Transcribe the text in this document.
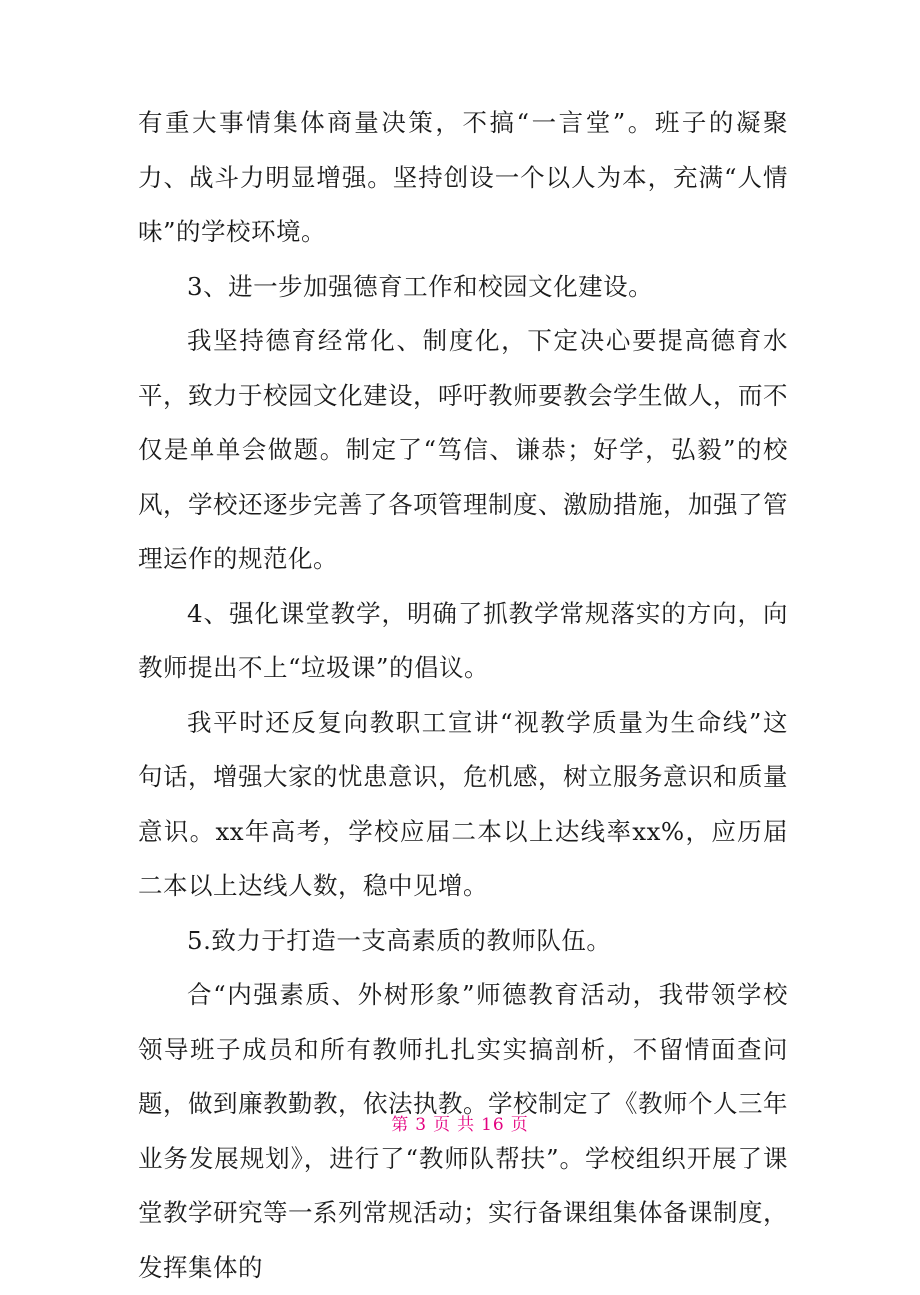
有重大事情集体商量决策，不搞“一言堂”。班子的凝聚力、战斗力明显增强。坚持创设一个以人为本，充满“人情味”的学校环境。

3、进一步加强德育工作和校园文化建设。

我坚持德育经常化、制度化，下定决心要提高德育水平，致力于校园文化建设，呼吁教师要教会学生做人，而不仅是单单会做题。制定了“笃信、谦恭；好学，弘毅”的校风，学校还逐步完善了各项管理制度、激励措施，加强了管理运作的规范化。

4、强化课堂教学，明确了抓教学常规落实的方向，向教师提出不上“垃圾课”的倡议。

我平时还反复向教职工宣讲“视教学质量为生命线”这句话，增强大家的忧患意识，危机感，树立服务意识和质量意识。xx年高考，学校应届二本以上达线率xx%，应历届二本以上达线人数，稳中见增。

5.致力于打造一支高素质的教师队伍。

合“内强素质、外树形象”师德教育活动，我带领学校领导班子成员和所有教师扎扎实实搞剖析，不留情面查问题，做到廉教勤教，依法执教。学校制定了《教师个人三年业务发展规划》，进行了“教师队帮扶”。学校组织开展了课堂教学研究等一系列常规活动；实行备课组集体备课制度，发挥集体的

第 3 页 共 16 页
